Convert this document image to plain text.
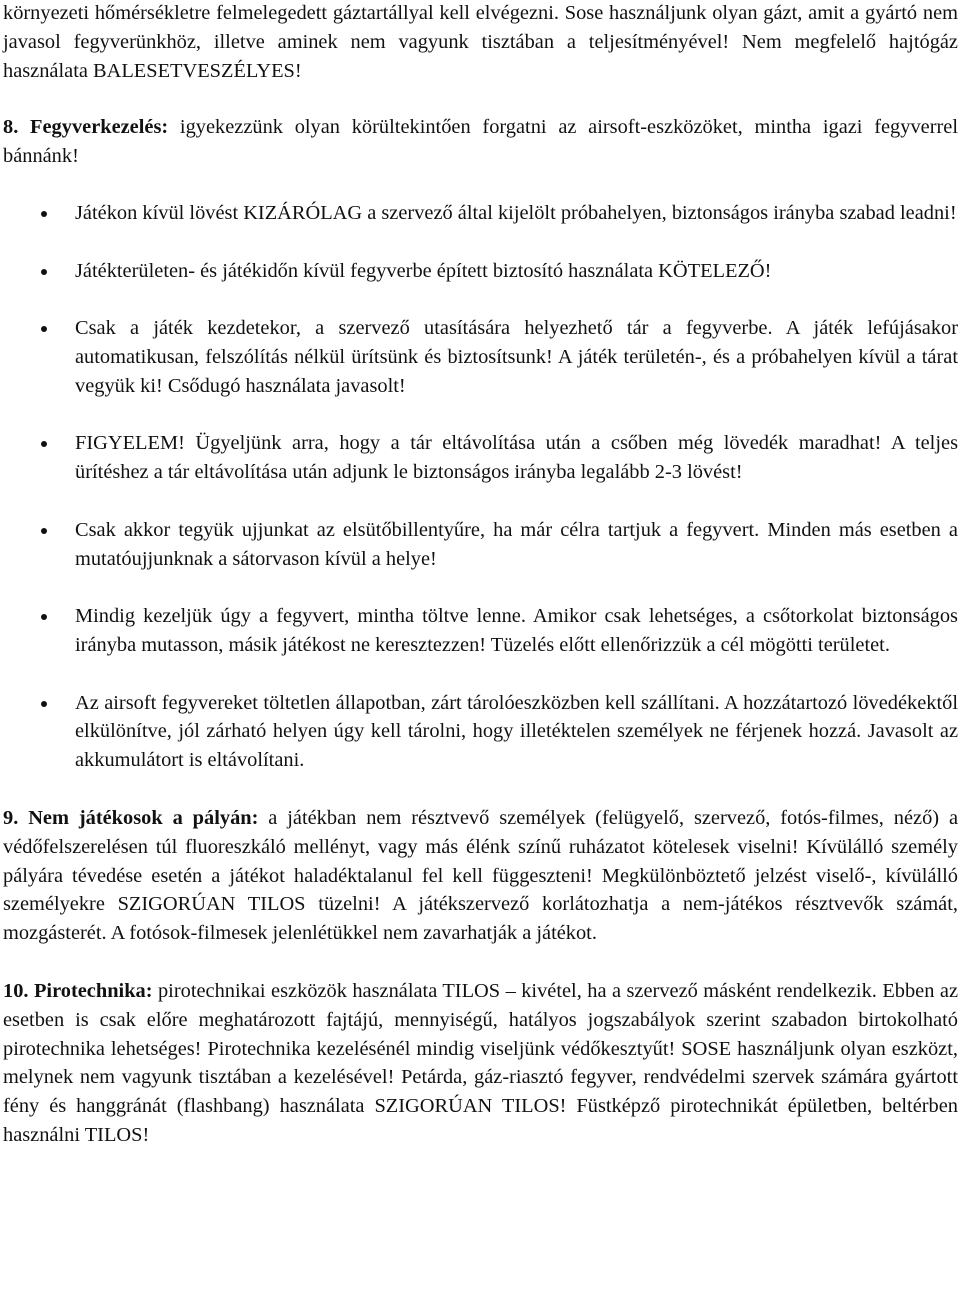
környezeti hőmérsékletre felmelegedett gáztartállyal kell elvégezni. Sose használjunk olyan gázt, amit a gyártó nem javasol fegyverünkhöz, illetve aminek nem vagyunk tisztában a teljesítményével! Nem megfelelő hajtógáz használata BALESETVESZÉLYES!

8. Fegyverkezelés: igyekezzünk olyan körültekintően forgatni az airsoft-eszközöket, mintha igazi fegyverrel bánnánk!

Játékon kívül lövést KIZÁRÓLAG a szervező által kijelölt próbahelyen, biztonságos irányba szabad leadni!
Játékterületen- és játékidőn kívül fegyverbe épített biztosító használata KÖTELEZŐ!
Csak a játék kezdetekor, a szervező utasítására helyezhető tár a fegyverbe. A játék lefújásakor automatikusan, felszólítás nélkül ürítsünk és biztosítsunk! A játék területén-, és a próbahelyen kívül a tárat vegyük ki! Csődugó használata javasolt!
FIGYELEM! Ügyeljünk arra, hogy a tár eltávolítása után a csőben még lövedék maradhat! A teljes ürítéshez a tár eltávolítása után adjunk le biztonságos irányba legalább 2-3 lövést!
Csak akkor tegyük ujjunkat az elsütőbillentyűre, ha már célra tartjuk a fegyvert. Minden más esetben a mutatóujjunknak a sátorvason kívül a helye!
Mindig kezeljük úgy a fegyvert, mintha töltve lenne. Amikor csak lehetséges, a csőtorkolat biztonságos irányba mutasson, másik játékost ne keresztezzen! Tüzelés előtt ellenőrizzük a cél mögötti területet.
Az airsoft fegyvereket töltetlen állapotban, zárt tárolóeszközben kell szállítani. A hozzátartozó lövedékektől elkülönítve, jól zárható helyen úgy kell tárolni, hogy illetéktelen személyek ne férjenek hozzá. Javasolt az akkumulátort is eltávolítani.

9. Nem játékosok a pályán: a játékban nem résztvevő személyek (felügyelő, szervező, fotós-filmes, néző) a védőfelszerelésen túl fluoreszkáló mellényt, vagy más élénk színű ruházatot kötelesek viselni! Kívülálló személy pályára tévedése esetén a játékot haladéktalanul fel kell függeszteni! Megkülönböztető jelzést viselő-, kívülálló személyekre SZIGORÚAN TILOS tüzelni! A játékszervező korlátozhatja a nem-játékos résztvevők számát, mozgásterét. A fotósok-filmesek jelenlétükkel nem zavarhatják a játékot.

10. Pirotechnika: pirotechnikai eszközök használata TILOS – kivétel, ha a szervező másként rendelkezik. Ebben az esetben is csak előre meghatározott fajtájú, mennyiségű, hatályos jogszabályok szerint szabadon birtokolható pirotechnika lehetséges! Pirotechnika kezelésénél mindig viseljünk védőkesztyűt! SOSE használjunk olyan eszközt, melynek nem vagyunk tisztában a kezelésével! Petárda, gáz-riasztó fegyver, rendvédelmi szervek számára gyártott fény és hanggránát (flashbang) használata SZIGORÚAN TILOS! Füstképző pirotechnikát épületben, beltérben használni TILOS!
